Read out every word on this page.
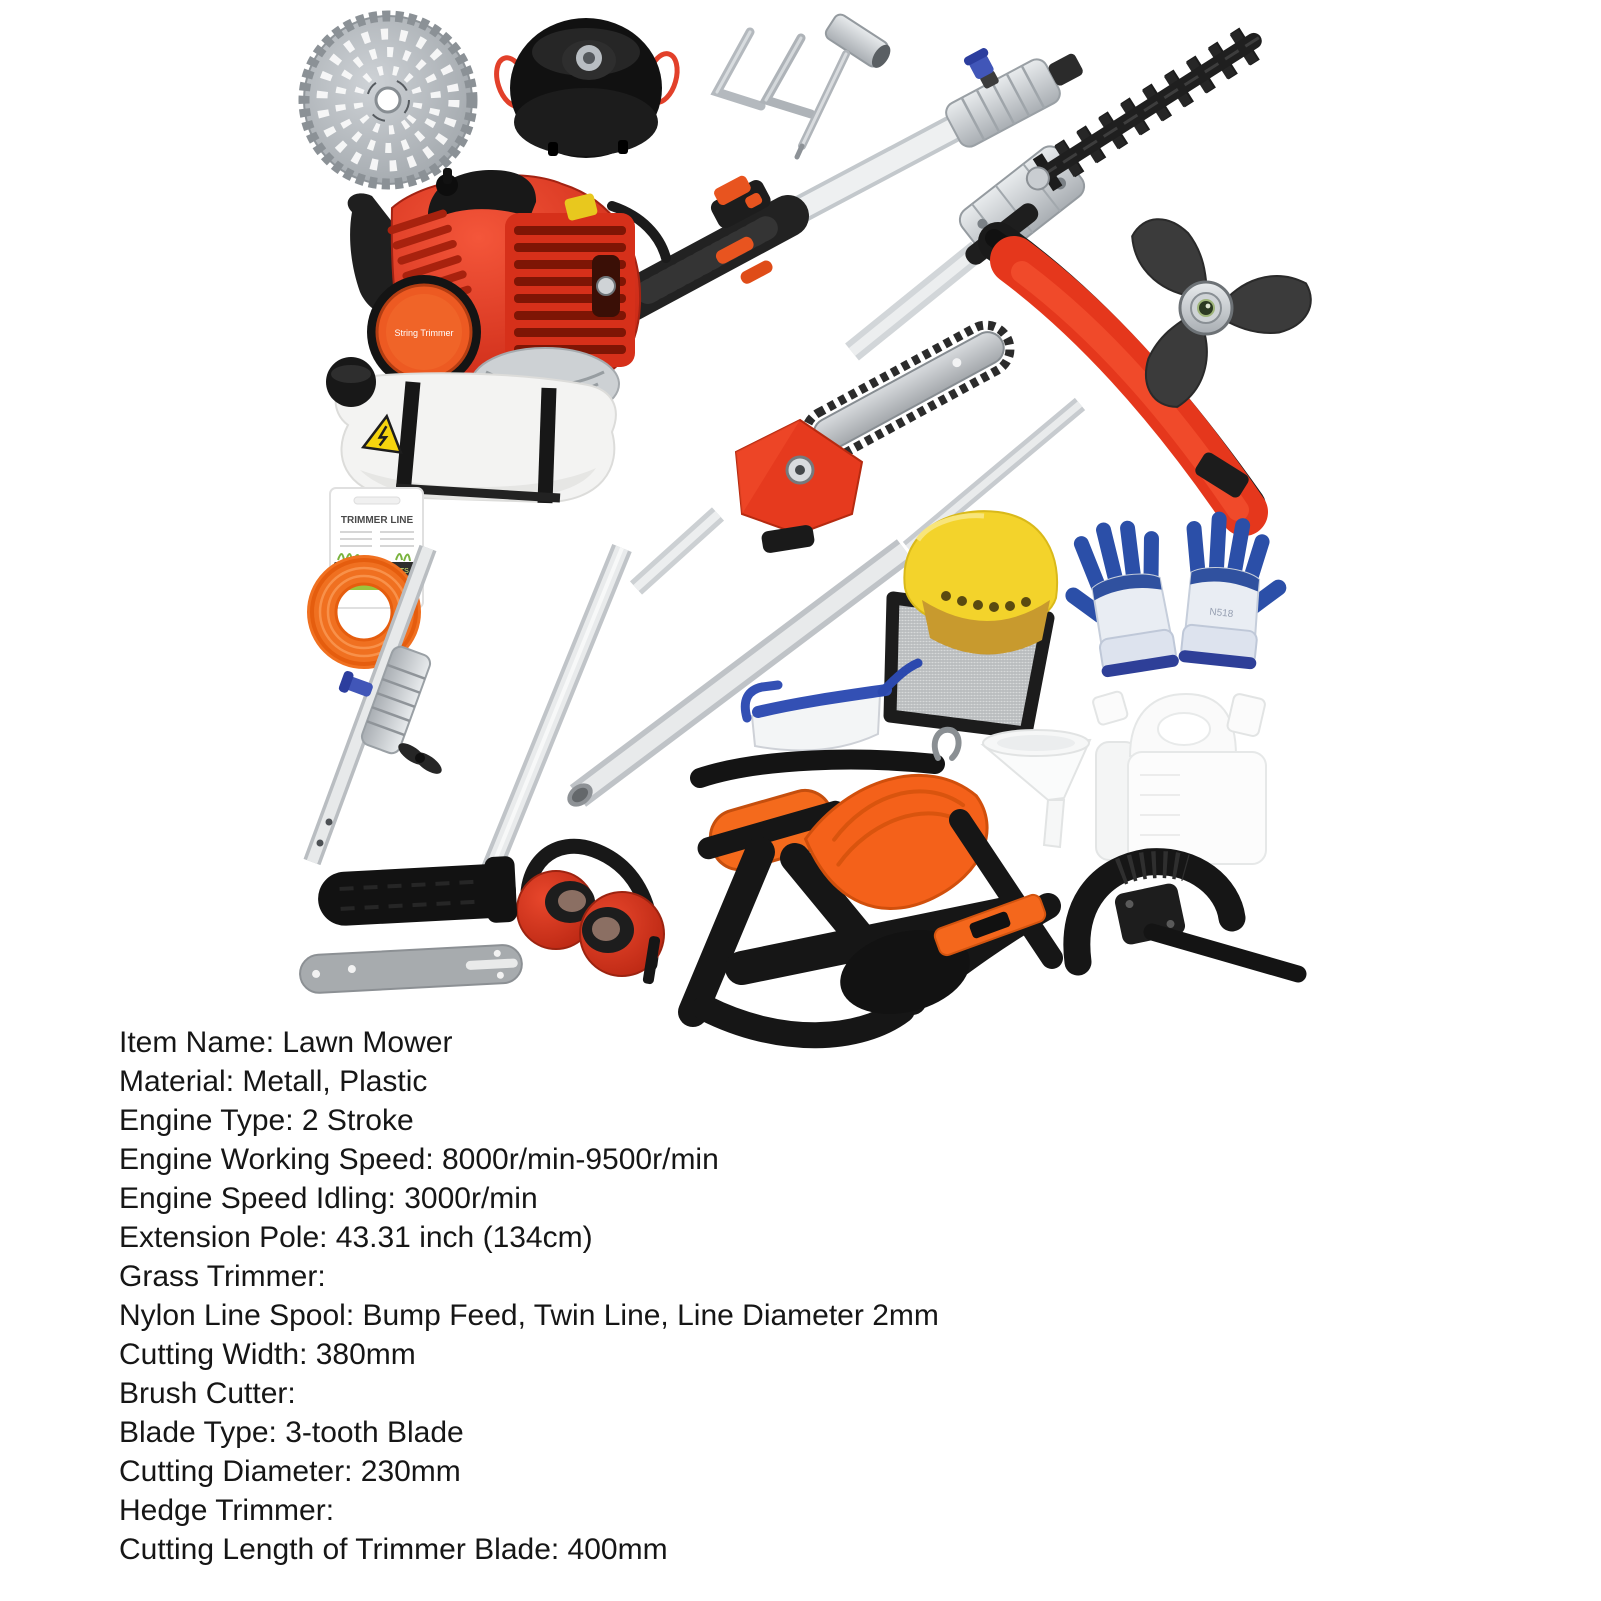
String Trimmer
TRIMMER LINE
FORCE PRODUCTS
N518
Item Name: Lawn Mower
Material: Metall, Plastic
Engine Type: 2 Stroke
Engine Working Speed: 8000r/min-9500r/min
Engine Speed Idling: 3000r/min
Extension Pole: 43.31 inch (134cm)
Grass Trimmer:
Nylon Line Spool: Bump Feed, Twin Line, Line Diameter 2mm
Cutting Width: 380mm
Brush Cutter:
Blade Type: 3-tooth Blade
Cutting Diameter: 230mm
Hedge Trimmer:
Cutting Length of Trimmer Blade: 400mm
